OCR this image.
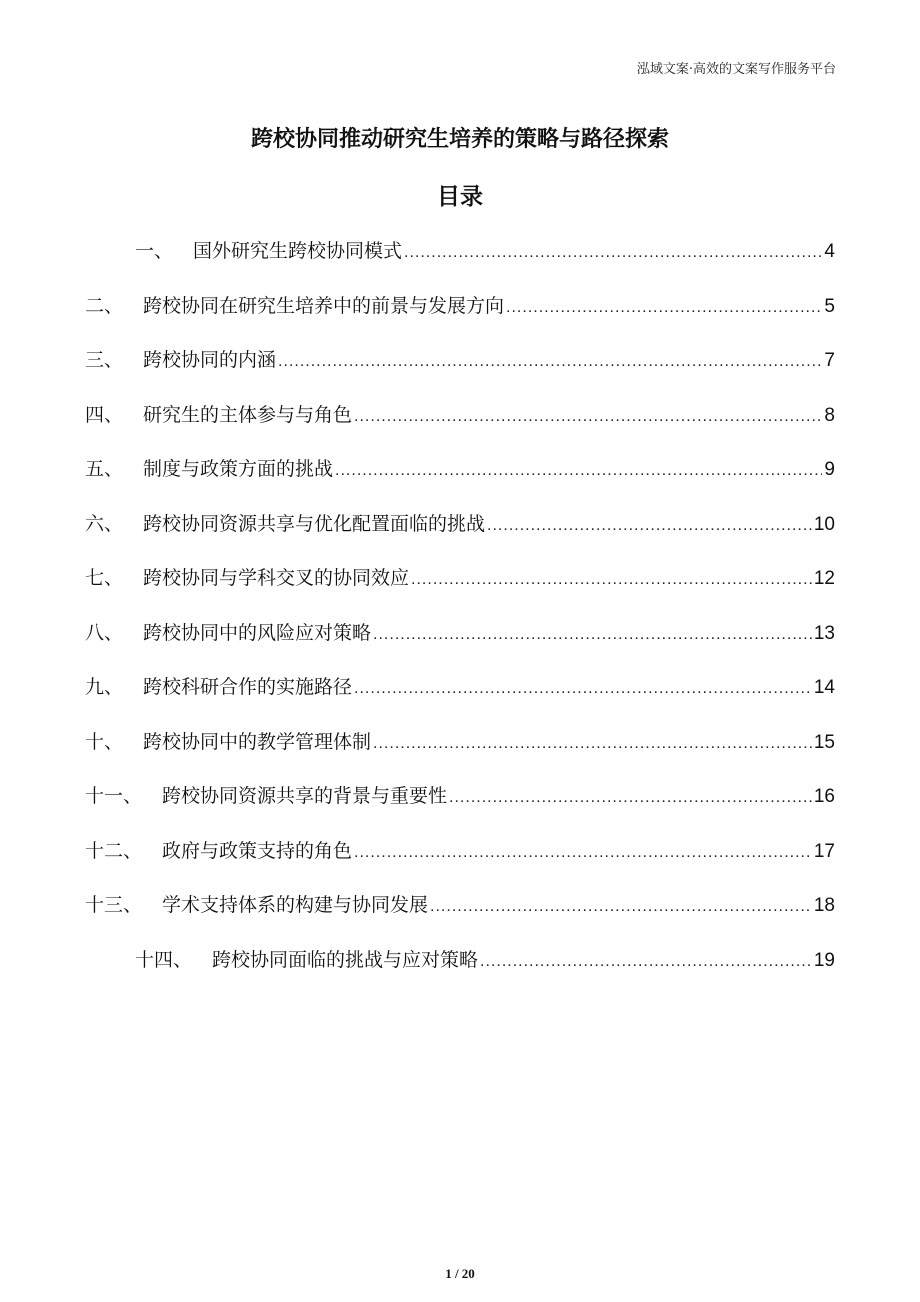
泓域文案·高效的文案写作服务平台
跨校协同推动研究生培养的策略与路径探索
目录
一、 国外研究生跨校协同模式 .....	4
二、 跨校协同在研究生培养中的前景与发展方向 .....	5
三、 跨校协同的内涵 .....	7
四、 研究生的主体参与与角色 .....	8
五、 制度与政策方面的挑战 .....	9
六、 跨校协同资源共享与优化配置面临的挑战 .....	10
七、 跨校协同与学科交叉的协同效应 .....	12
八、 跨校协同中的风险应对策略 .....	13
九、 跨校科研合作的实施路径 .....	14
十、 跨校协同中的教学管理体制 .....	15
十一、 跨校协同资源共享的背景与重要性 .....	16
十二、 政府与政策支持的角色 .....	17
十三、 学术支持体系的构建与协同发展 .....	18
十四、 跨校协同面临的挑战与应对策略 .....	19
1 / 20
